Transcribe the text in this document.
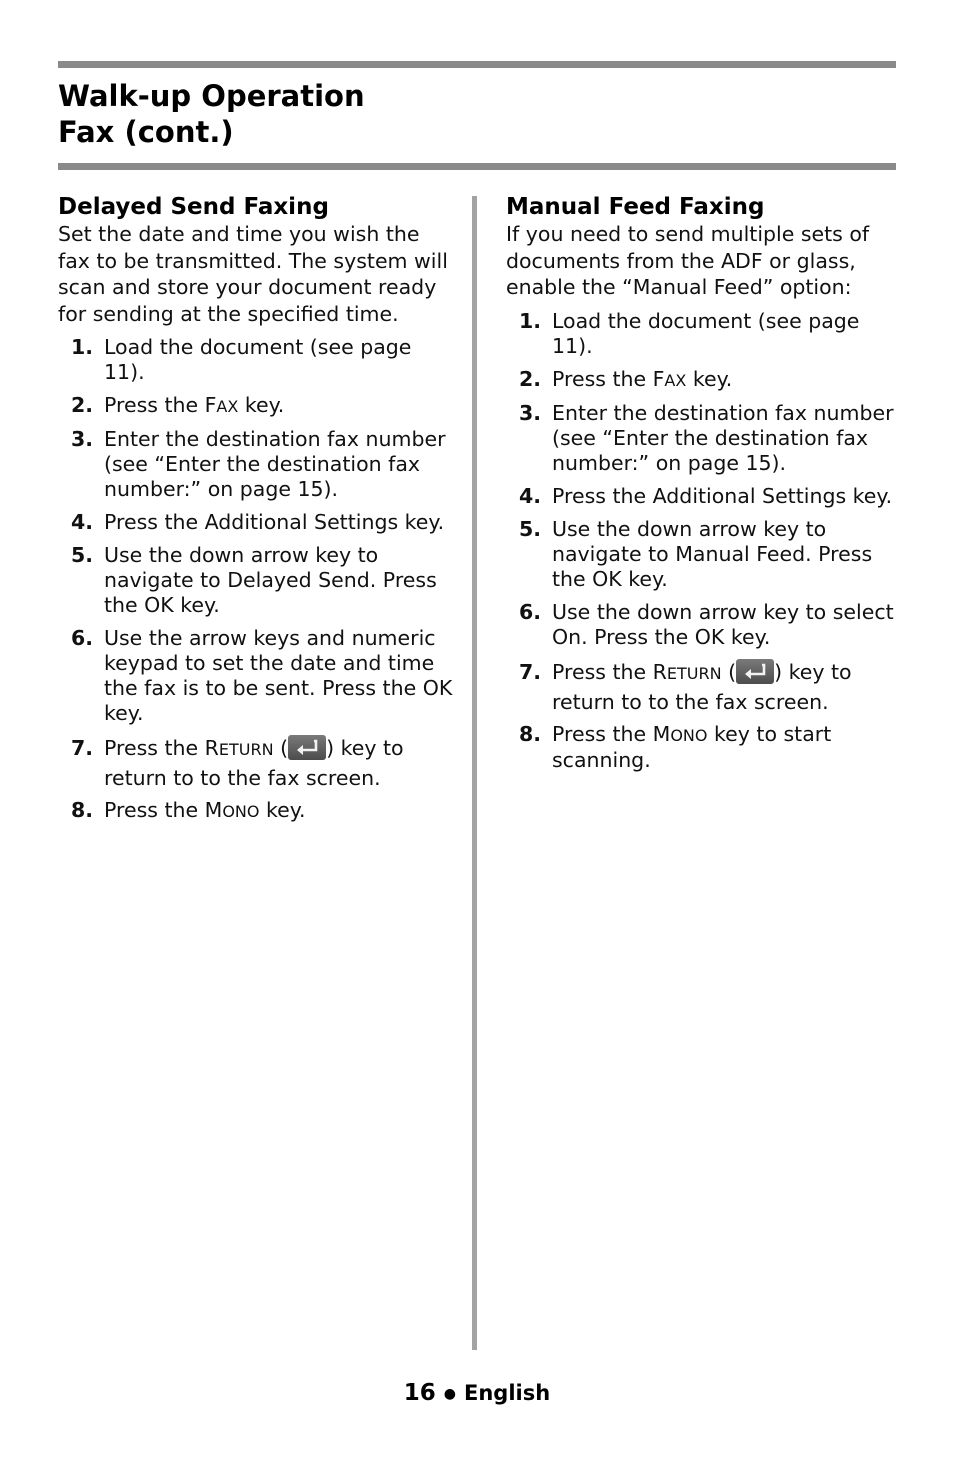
Walk-up Operation
Fax (cont.)
Delayed Send Faxing

Set the date and time you wish the fax to be transmitted. The system will scan and store your document ready for sending at the specified time.

1. Load the document (see page 11).
2. Press the FAX key.
3. Enter the destination fax number (see “Enter the destination fax number:” on page 15).
4. Press the Additional Settings key.
5. Use the down arrow key to navigate to Delayed Send. Press the OK key.
6. Use the arrow keys and numeric keypad to set the date and time the fax is to be sent. Press the OK key.
7. Press the RETURN ( ) key to return to to the fax screen.
8. Press the MONO key.
Manual Feed Faxing

If you need to send multiple sets of documents from the ADF or glass, enable the “Manual Feed” option:

1. Load the document (see page 11).
2. Press the FAX key.
3. Enter the destination fax number (see “Enter the destination fax number:” on page 15).
4. Press the Additional Settings key.
5. Use the down arrow key to navigate to Manual Feed. Press the OK key.
6. Use the down arrow key to select On. Press the OK key.
7. Press the RETURN ( ) key to return to to the fax screen.
8. Press the MONO key to start scanning.
16 ● English
